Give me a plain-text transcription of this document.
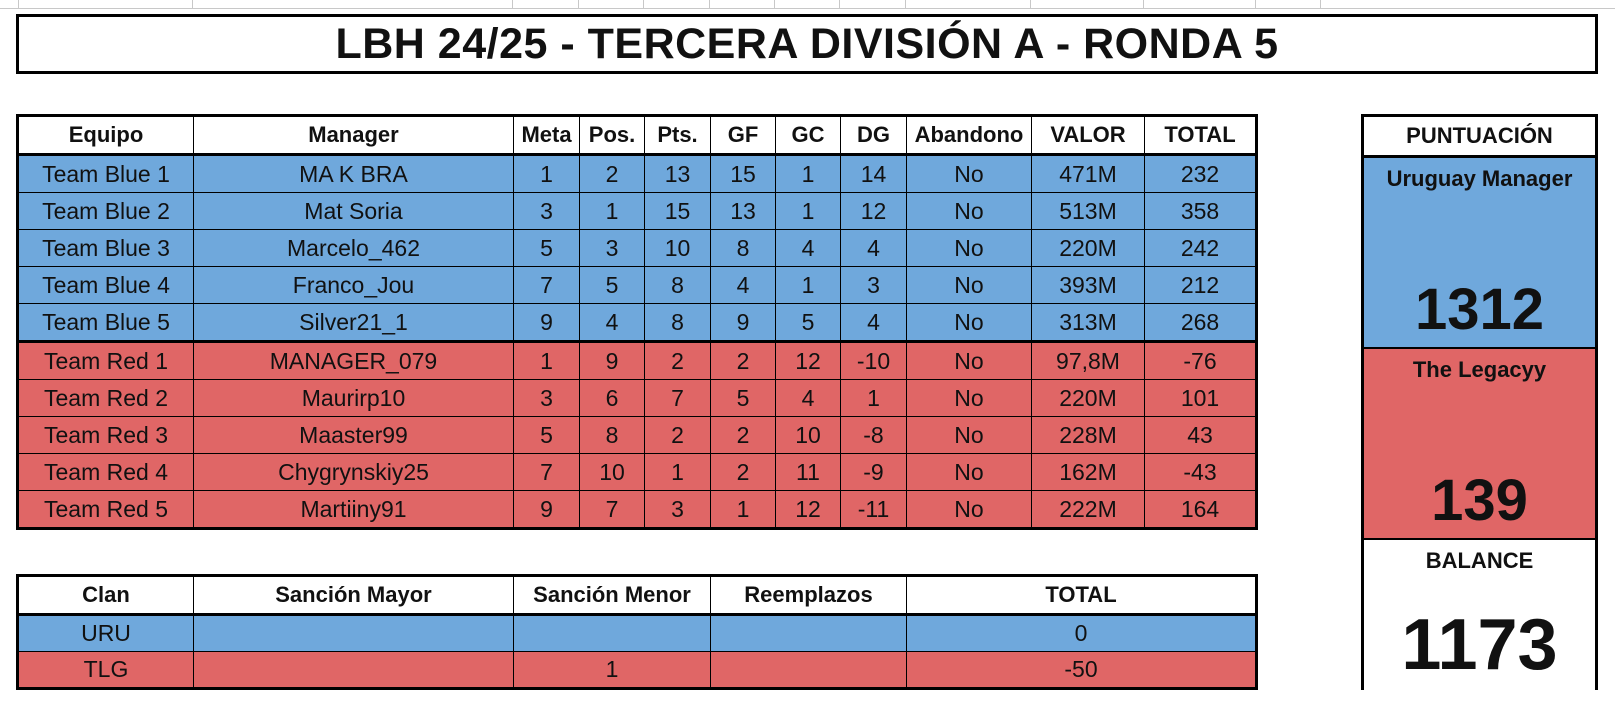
LBH 24/25 - TERCERA DIVISIÓN A - RONDA 5
Equipo	Manager	Meta	Pos.	Pts.	GF	GC	DG	Abandono	VALOR	TOTAL
Team Blue 1	MA K BRA	1	2	13	15	1	14	No	471M	232
Team Blue 2	Mat Soria	3	1	15	13	1	12	No	513M	358
Team Blue 3	Marcelo_462	5	3	10	8	4	4	No	220M	242
Team Blue 4	Franco_Jou	7	5	8	4	1	3	No	393M	212
Team Blue 5	Silver21_1	9	4	8	9	5	4	No	313M	268
Team Red 1	MANAGER_079	1	9	2	2	12	-10	No	97,8M	-76
Team Red 2	Maurirp10	3	6	7	5	4	1	No	220M	101
Team Red 3	Maaster99	5	8	2	2	10	-8	No	228M	43
Team Red 4	Chygrynskiy25	7	10	1	2	11	-9	No	162M	-43
Team Red 5	Martiiny91	9	7	3	1	12	-11	No	222M	164
Clan	Sanción Mayor	Sanción Menor	Reemplazos	TOTAL
URU				0
TLG		1		-50
PUNTUACIÓN
Uruguay Manager
1312
The Legacyy
139
BALANCE
1173
